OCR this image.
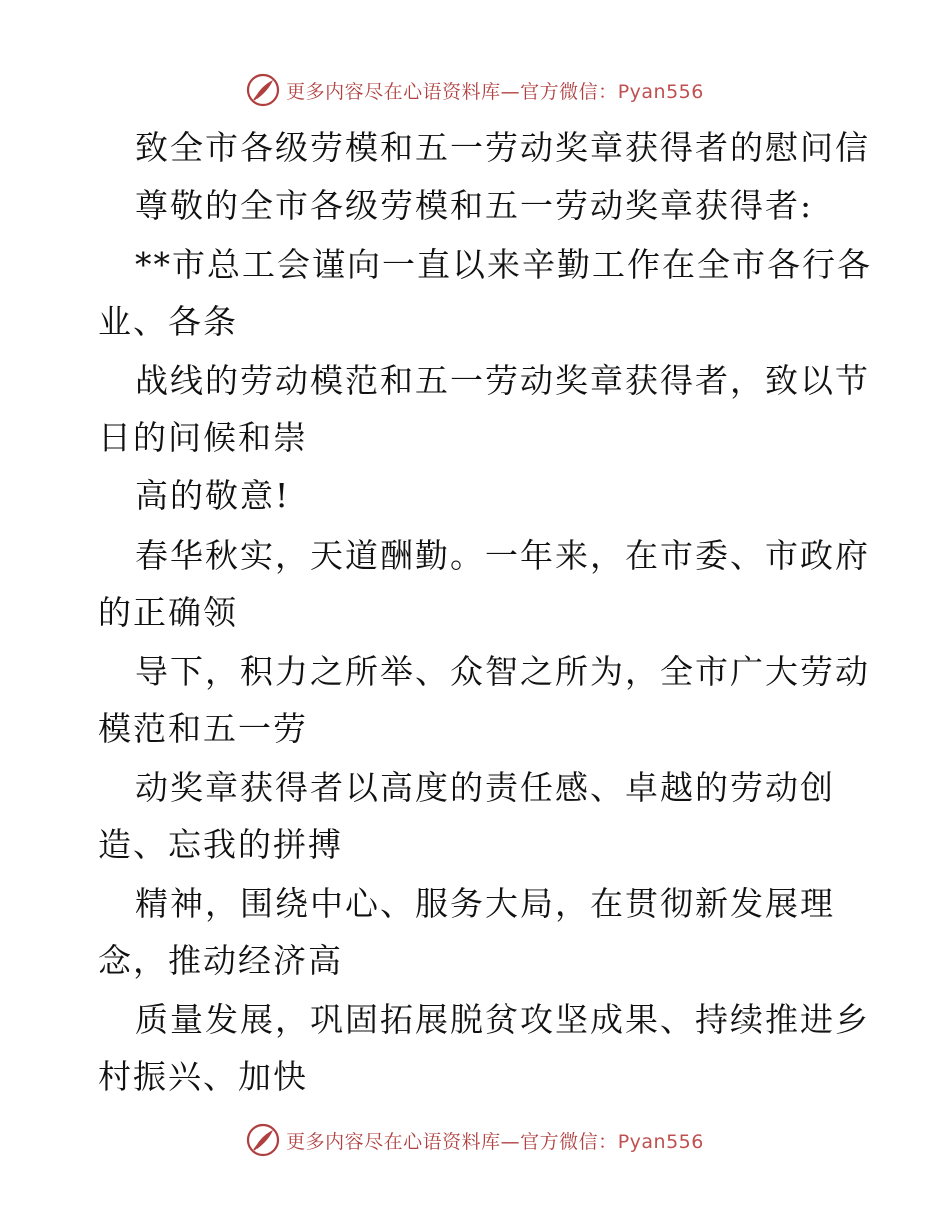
更多内容尽在心语资料库—官方微信：Pyan556
致全市各级劳模和五一劳动奖章获得者的慰问信
尊敬的全市各级劳模和五一劳动奖章获得者:
**市总工会谨向一直以来辛勤工作在全市各行各
业、各条
战线的劳动模范和五一劳动奖章获得者，致以节
日的问候和崇
高的敬意!
春华秋实，天道酬勤。一年来，在市委、市政府
的正确领
导下，积力之所举、众智之所为，全市广大劳动
模范和五一劳
动奖章获得者以高度的责任感、卓越的劳动创
造、忘我的拼搏
精神，围绕中心、服务大局，在贯彻新发展理
念，推动经济高
质量发展，巩固拓展脱贫攻坚成果、持续推进乡
村振兴、加快
更多内容尽在心语资料库—官方微信：Pyan556
